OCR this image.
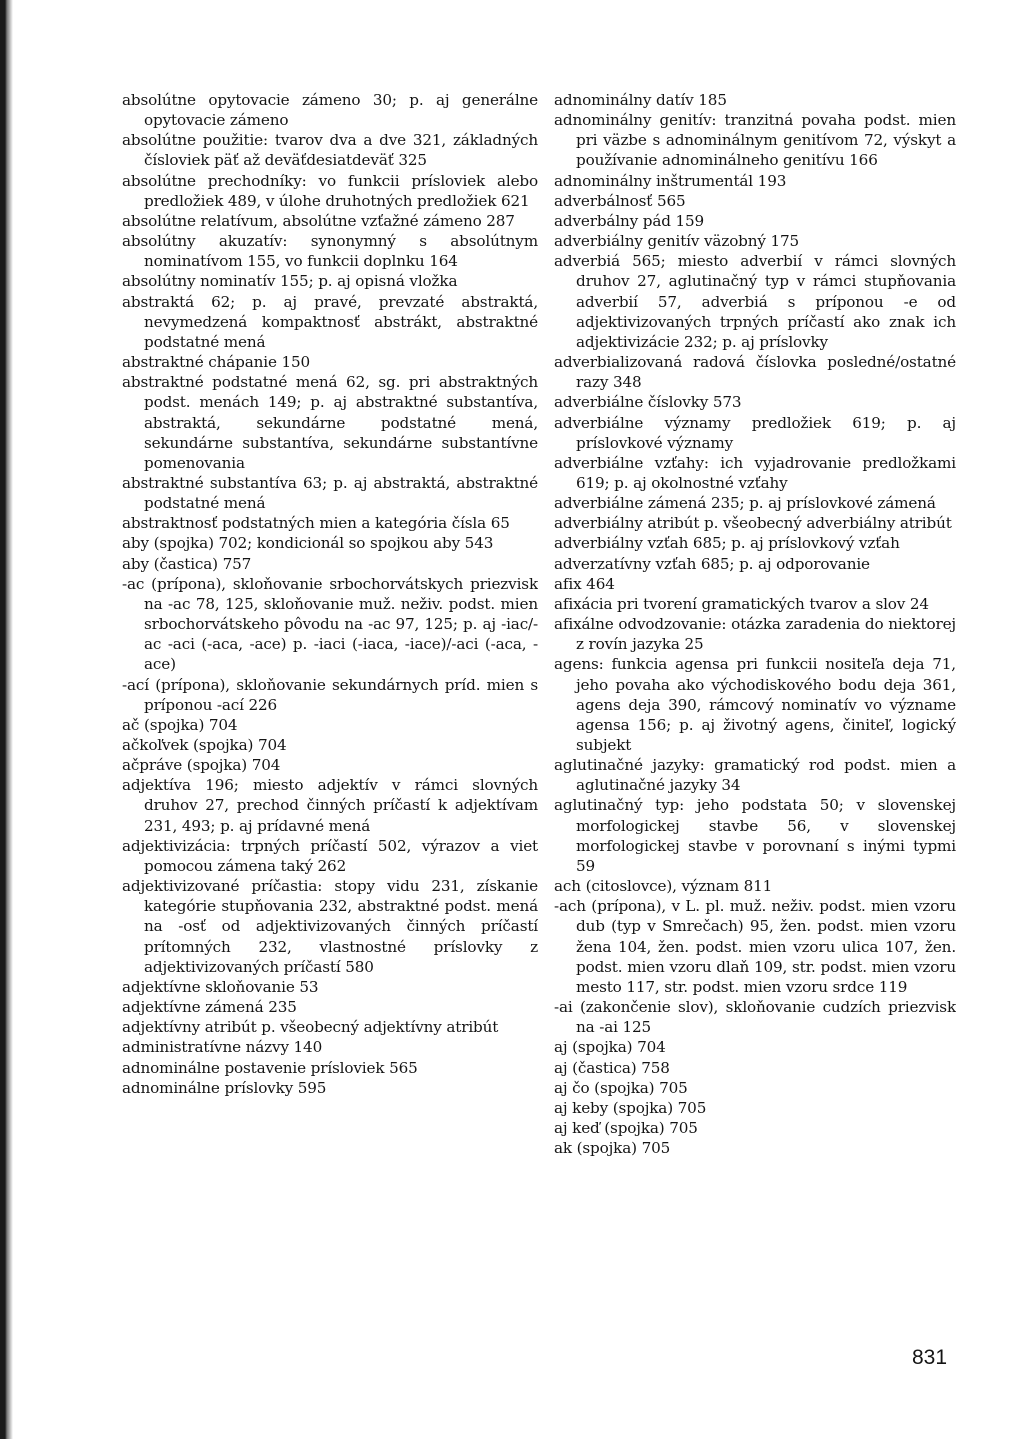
absolútne opytovacie zámeno 30; p. aj generálne opytovacie zámeno

absolútne použitie: tvarov dva a dve 321, základných čísloviek päť až deväťdesiatdeväť 325

absolútne prechodníky: vo funkcii prísloviek alebo predložiek 489, v úlohe druhotných predložiek 621

absolútne relatívum, absolútne vzťažné zámeno 287

absolútny akuzatív: synonymný s absolútnym nominatívom 155, vo funkcii doplnku 164

absolútny nominatív 155; p. aj opisná vložka

abstraktá 62; p. aj pravé, prevzaté abstraktá, nevymedzená kompaktnosť abstrákt, abstraktné podstatné mená

abstraktné chápanie 150

abstraktné podstatné mená 62, sg. pri abstraktných podst. menách 149; p. aj abstraktné substantíva, abstraktá, sekundárne podstatné mená, sekundárne substantíva, sekundárne substantívne pomenovania

abstraktné substantíva 63; p. aj abstraktá, abstraktné podstatné mená

abstraktnosť podstatných mien a kategória čísla 65

aby (spojka) 702; kondicionál so spojkou aby 543

aby (častica) 757

-ac (prípona), skloňovanie srbochorvátskych priezvisk na -ac 78, 125, skloňovanie muž. neživ. podst. mien srbochorvátskeho pôvodu na -ac 97, 125; p. aj -iac/-ac -aci (-aca, -ace) p. -iaci (-iaca, -iace)/-aci (-aca, -ace)

-ací (prípona), skloňovanie sekundárnych príd. mien s príponou -ací 226

ač (spojka) 704

ačkoľvek (spojka) 704

ačpráve (spojka) 704

adjektíva 196; miesto adjektív v rámci slovných druhov 27, prechod činných príčastí k adjektívam 231, 493; p. aj prídavné mená

adjektivizácia: trpných príčastí 502, výrazov a viet pomocou zámena taký 262

adjektivizované príčastia: stopy vidu 231, získanie kategórie stupňovania 232, abstraktné podst. mená na -osť od adjektivizovaných činných príčastí prítomných 232, vlastnostné príslovky z adjektivizovaných príčastí 580

adjektívne skloňovanie 53

adjektívne zámená 235

adjektívny atribút p. všeobecný adjektívny atribút

administratívne názvy 140

adnominálne postavenie prísloviek 565

adnominálne príslovky 595

adnominálny datív 185

adnominálny genitív: tranzitná povaha podst. mien pri väzbe s adnominálnym genitívom 72, výskyt a používanie adnominálneho genitívu 166

adnominálny inštrumentál 193

adverbálnosť 565

adverbálny pád 159

adverbiálny genitív väzobný 175

adverbiá 565; miesto adverbií v rámci slovných druhov 27, aglutinačný typ v rámci stupňovania adverbií 57, adverbiá s príponou -e od adjektivizovaných trpných príčastí ako znak ich adjektivizácie 232; p. aj príslovky

adverbializovaná radová číslovka posledné/ostatné razy 348

adverbiálne číslovky 573

adverbiálne významy predložiek 619; p. aj príslovkové významy

adverbiálne vzťahy: ich vyjadrovanie predložkami 619; p. aj okolnostné vzťahy

adverbiálne zámená 235; p. aj príslovkové zámená

adverbiálny atribút p. všeobecný adverbiálny atribút

adverbiálny vzťah 685; p. aj príslovkový vzťah

adverzatívny vzťah 685; p. aj odporovanie

afix 464

afixácia pri tvorení gramatických tvarov a slov 24

afixálne odvodzovanie: otázka zaradenia do niektorej z rovín jazyka 25

agens: funkcia agensa pri funkcii nositeľa deja 71, jeho povaha ako východiskového bodu deja 361, agens deja 390, rámcový nominatív vo význame agensa 156; p. aj životný agens, činiteľ, logický subjekt

aglutinačné jazyky: gramatický rod podst. mien a aglutinačné jazyky 34

aglutinačný typ: jeho podstata 50; v slovenskej morfologickej stavbe 56, v slovenskej morfologickej stavbe v porovnaní s inými typmi 59

ach (citoslovce), význam 811

-ach (prípona), v L. pl. muž. neživ. podst. mien vzoru dub (typ v Smrečach) 95, žen. podst. mien vzoru žena 104, žen. podst. mien vzoru ulica 107, žen. podst. mien vzoru dlaň 109, str. podst. mien vzoru mesto 117, str. podst. mien vzoru srdce 119

-ai (zakončenie slov), skloňovanie cudzích priezvisk na -ai 125

aj (spojka) 704

aj (častica) 758

aj čo (spojka) 705

aj keby (spojka) 705

aj keď (spojka) 705

ak (spojka) 705

831
